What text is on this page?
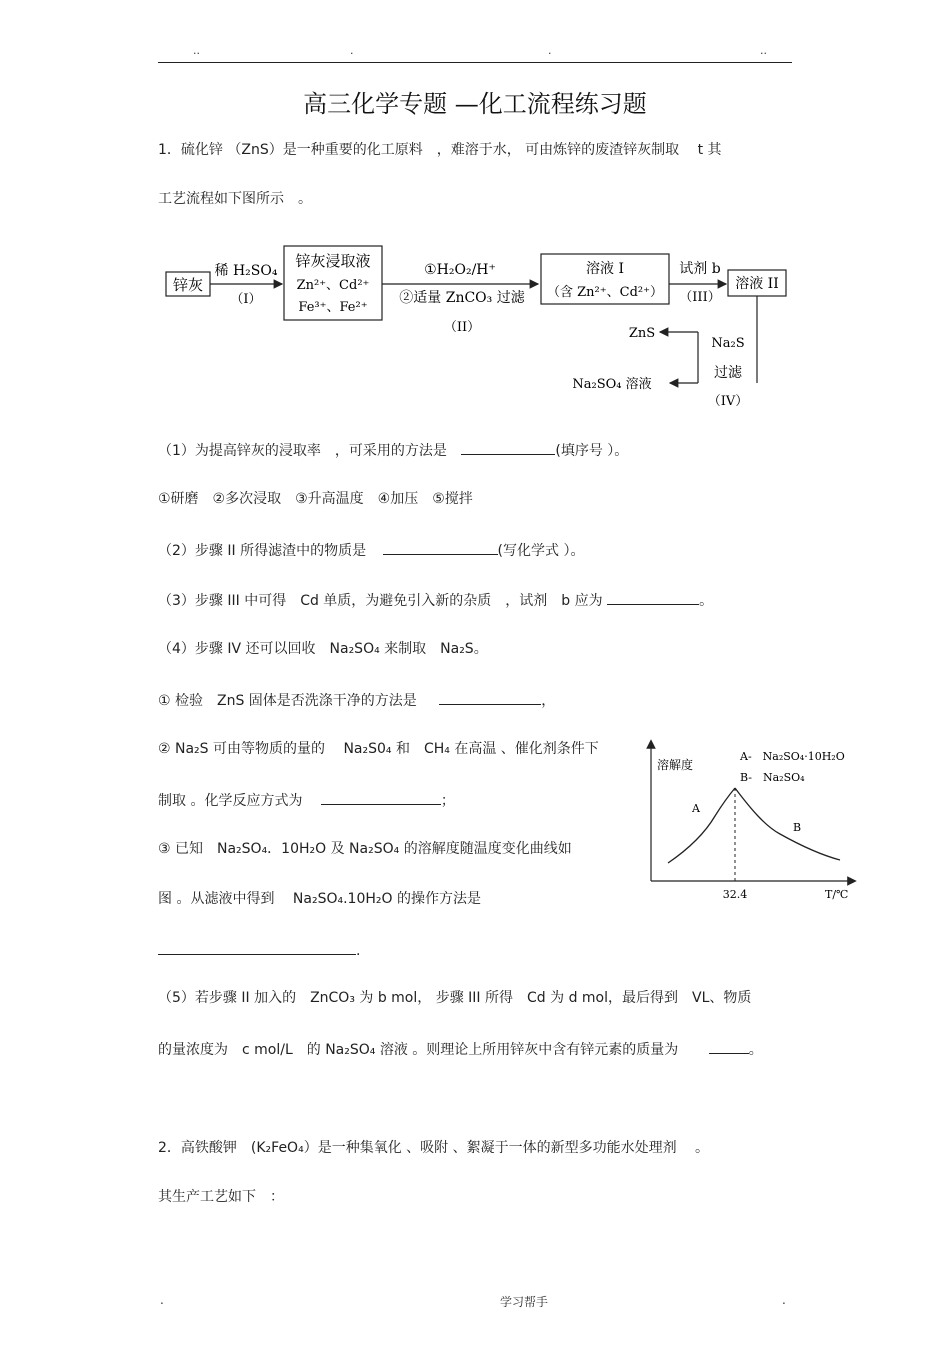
..	.	.	..
高三化学专题 —化工流程练习题
1．硫化锌 （ZnS）是一种重要的化工原料　，难溶于水， 可由炼锌的废渣锌灰制取　 t 其
工艺流程如下图所示　。
锌灰
稀 H₂SO₄
（I）
锌灰浸取液
Zn²⁺、Cd²⁺
Fe³⁺、Fe²⁺
①H₂O₂/H⁺
②适量 ZnCO₃ 过滤
（II）
溶液 I
（含 Zn²⁺、Cd²⁺）
试剂 b
（III）
溶液 II
ZnS
Na₂S
过滤
（IV）
Na₂SO₄ 溶液
（1）为提高锌灰的浸取率　，可采用的方法是	(填序号 ）。
①研磨　②多次浸取　③升高温度　④加压　⑤搅拌
（2）步骤 II 所得滤渣中的物质是	(写化学式 ）。
（3）步骤 III 中可得　Cd 单质，为避免引入新的杂质　，试剂　b 应为	。
（4）步骤 IV 还可以回收　Na₂SO₄ 来制取　Na₂S。
① 检验　ZnS 固体是否洗涤干净的方法是	，
② Na₂S 可由等物质的量的　 Na₂S0₄ 和　CH₄ 在高温 、催化剂条件下
制取 。化学反应方式为	；
③ 已知　Na₂SO₄．10H₂O 及 Na₂SO₄ 的溶解度随温度变化曲线如
图 。从滤液中得到　 Na₂SO₄.10H₂O 的操作方法是
.
溶解度
A-　Na₂SO₄·10H₂O
B-　Na₂SO₄
A
B
32.4	T/℃
（5）若步骤 II 加入的　ZnCO₃ 为 b mol， 步骤 III 所得　Cd 为 d mol，最后得到　VL、物质
的量浓度为　c mol/L　的 Na₂SO₄ 溶液 。则理论上所用锌灰中含有锌元素的质量为	。
2．高铁酸钾　(K₂FeO₄）是一种集氧化 、吸附 、絮凝于一体的新型多功能水处理剂　 。
其生产工艺如下　：
.	学习帮手	.
